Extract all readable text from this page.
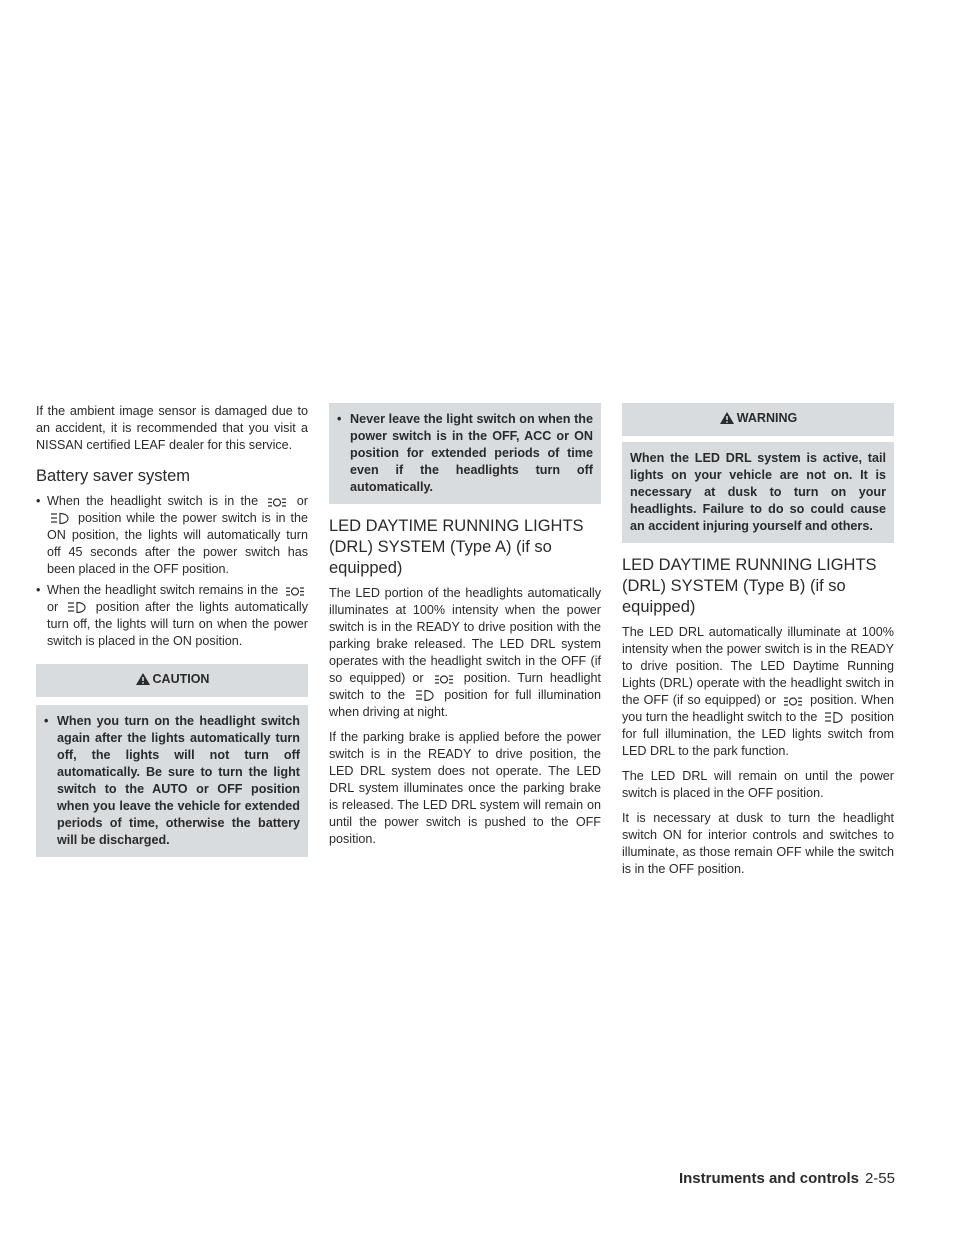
If the ambient image sensor is damaged due to an accident, it is recommended that you visit a NISSAN certified LEAF dealer for this service.

Battery saver system
• When the headlight switch is in the	or  position while the power switch is in the ON position, the lights will automatically turn off 45 seconds after the power switch has been placed in the OFF position.
• When the headlight switch remains in the  or	position after the lights automatically turn off, the lights will turn on when the power switch is placed in the ON position.
CAUTION
• When you turn on the headlight switch again after the lights automatically turn off, the lights will not turn off automatically. Be sure to turn the light switch to the AUTO or OFF position when you leave the vehicle for extended periods of time, otherwise the battery will be discharged.
• Never leave the light switch on when the power switch is in the OFF, ACC or ON position for extended periods of time even if the headlights turn off automatically.
LED DAYTIME RUNNING LIGHTS (DRL) SYSTEM (Type A) (if so equipped)

The LED portion of the headlights automatically illuminates at 100% intensity when the power switch is in the READY to drive position with the parking brake released. The LED DRL system operates with the headlight switch in the OFF (if so equipped) or	position. Turn headlight switch to the	position for full illumination when driving at night.

If the parking brake is applied before the power switch is in the READY to drive position, the LED DRL system does not operate. The LED DRL system illuminates once the parking brake is released. The LED DRL system will remain on until the power switch is pushed to the OFF position.

WARNING
When the LED DRL system is active, tail lights on your vehicle are not on. It is necessary at dusk to turn on your headlights. Failure to do so could cause an accident injuring yourself and others.
LED DAYTIME RUNNING LIGHTS (DRL) SYSTEM (Type B) (if so equipped)

The LED DRL automatically illuminate at 100% intensity when the power switch is in the READY to drive position. The LED Daytime Running Lights (DRL) operate with the headlight switch in the OFF (if so equipped) or	position. When you turn the headlight switch to the	position for full illumination, the LED lights switch from LED DRL to the park function.

The LED DRL will remain on until the power switch is placed in the OFF position.

It is necessary at dusk to turn the headlight switch ON for interior controls and switches to illuminate, as those remain OFF while the switch is in the OFF position.

Instruments and controls 2-55
